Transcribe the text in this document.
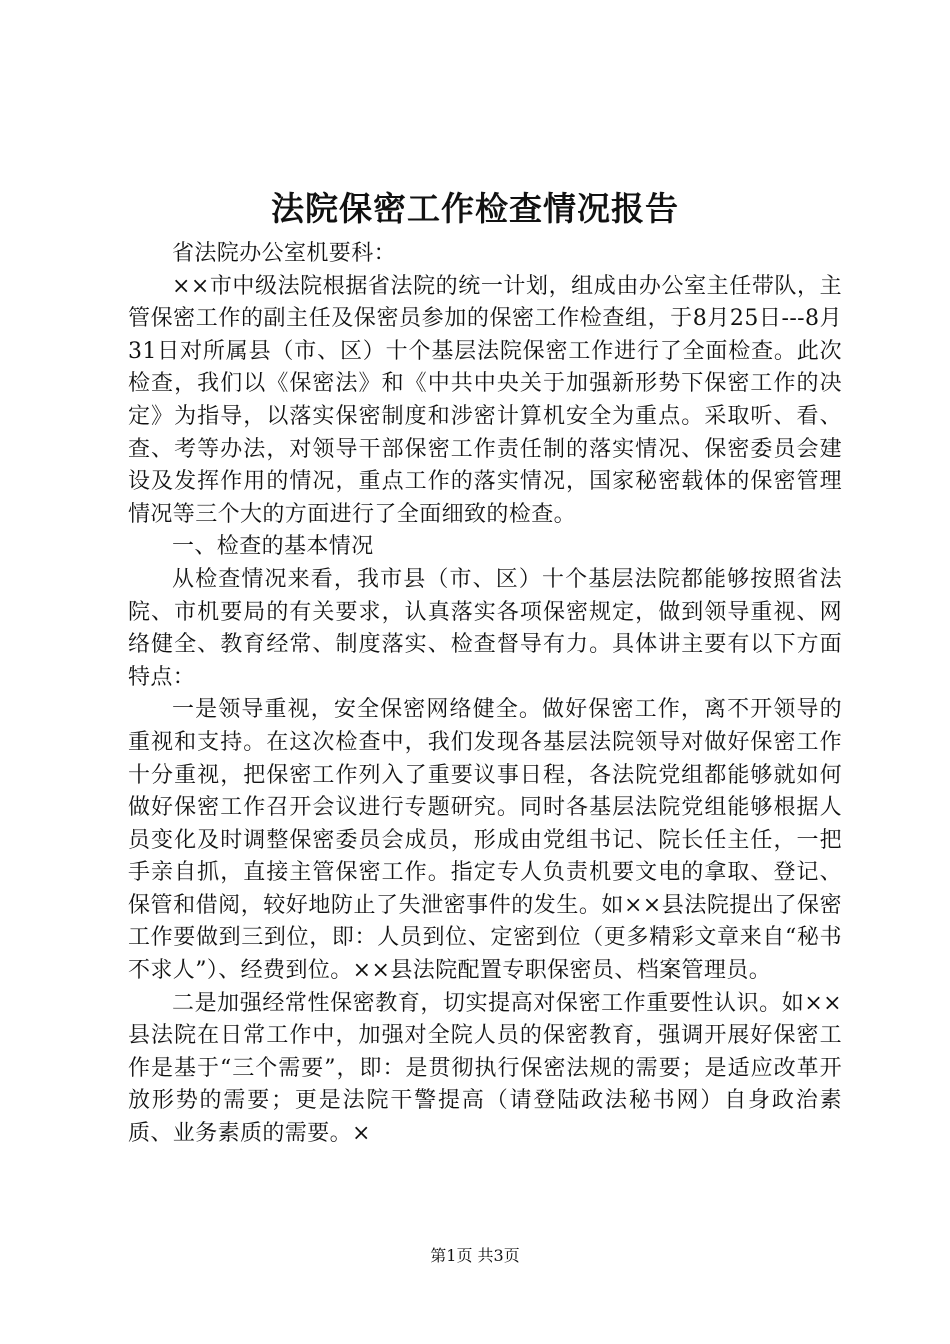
法院保密工作检查情况报告

省法院办公室机要科：

××市中级法院根据省法院的统一计划，组成由办公室主任带队，主管保密工作的副主任及保密员参加的保密工作检查组，于8月25日---8月31日对所属县（市、区）十个基层法院保密工作进行了全面检查。此次检查，我们以《保密法》和《中共中央关于加强新形势下保密工作的决定》为指导，以落实保密制度和涉密计算机安全为重点。采取听、看、查、考等办法，对领导干部保密工作责任制的落实情况、保密委员会建设及发挥作用的情况，重点工作的落实情况，国家秘密载体的保密管理情况等三个大的方面进行了全面细致的检查。

一、检查的基本情况

从检查情况来看，我市县（市、区）十个基层法院都能够按照省法院、市机要局的有关要求，认真落实各项保密规定，做到领导重视、网络健全、教育经常、制度落实、检查督导有力。具体讲主要有以下方面特点：

一是领导重视，安全保密网络健全。做好保密工作，离不开领导的重视和支持。在这次检查中，我们发现各基层法院领导对做好保密工作十分重视，把保密工作列入了重要议事日程，各法院党组都能够就如何做好保密工作召开会议进行专题研究。同时各基层法院党组能够根据人员变化及时调整保密委员会成员，形成由党组书记、院长任主任，一把手亲自抓，直接主管保密工作。指定专人负责机要文电的拿取、登记、保管和借阅，较好地防止了失泄密事件的发生。如××县法院提出了保密工作要做到三到位，即：人员到位、定密到位（更多精彩文章来自“秘书不求人”）、经费到位。××县法院配置专职保密员、档案管理员。

二是加强经常性保密教育，切实提高对保密工作重要性认识。如××县法院在日常工作中，加强对全院人员的保密教育，强调开展好保密工作是基于“三个需要”，即：是贯彻执行保密法规的需要；是适应改革开放形势的需要；更是法院干警提高（请登陆政法秘书网）自身政治素质、业务素质的需要。×

第1页 共3页
